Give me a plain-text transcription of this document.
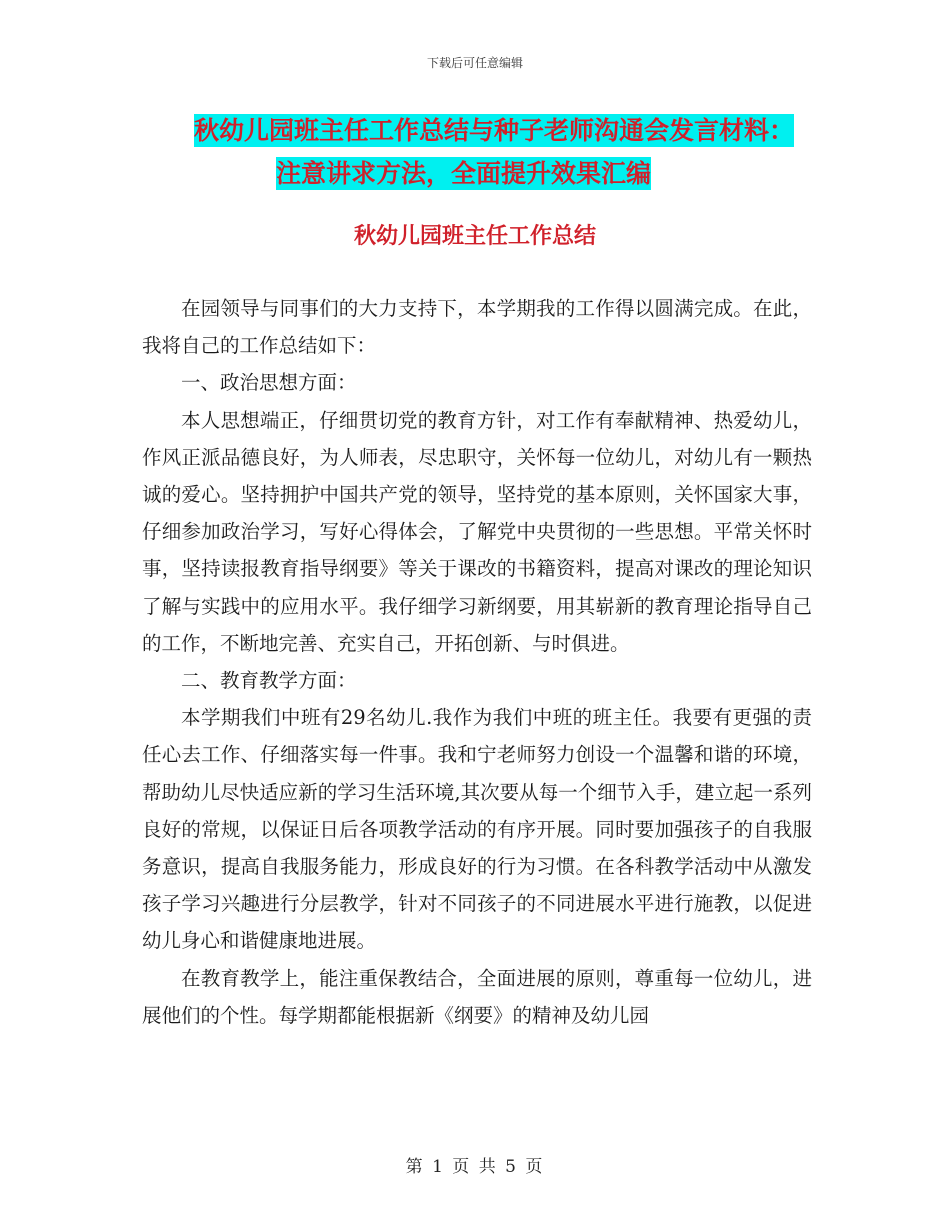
下载后可任意编辑
秋幼儿园班主任工作总结与种子老师沟通会发言材料：
注意讲求方法，全面提升效果汇编
秋幼儿园班主任工作总结

在园领导与同事们的大力支持下，本学期我的工作得以圆满完成。在此，我将自己的工作总结如下：

一、政治思想方面：

本人思想端正，仔细贯切党的教育方针，对工作有奉献精神、热爱幼儿，作风正派品德良好，为人师表，尽忠职守，关怀每一位幼儿，对幼儿有一颗热诚的爱心。坚持拥护中国共产党的领导，坚持党的基本原则，关怀国家大事，仔细参加政治学习，写好心得体会，了解党中央贯彻的一些思想。平常关怀时事，坚持读报教育指导纲要》等关于课改的书籍资料，提高对课改的理论知识了解与实践中的应用水平。我仔细学习新纲要，用其崭新的教育理论指导自己的工作，不断地完善、充实自己，开拓创新、与时俱进。

二、教育教学方面：

本学期我们中班有29名幼儿.我作为我们中班的班主任。我要有更强的责任心去工作、仔细落实每一件事。我和宁老师努力创设一个温馨和谐的环境，帮助幼儿尽快适应新的学习生活环境,其次要从每一个细节入手，建立起一系列良好的常规，以保证日后各项教学活动的有序开展。同时要加强孩子的自我服务意识，提高自我服务能力，形成良好的行为习惯。在各科教学活动中从激发孩子学习兴趣进行分层教学，针对不同孩子的不同进展水平进行施教，以促进幼儿身心和谐健康地进展。

在教育教学上，能注重保教结合，全面进展的原则，尊重每一位幼儿，进展他们的个性。每学期都能根据新《纲要》的精神及幼儿园

第 1 页 共 5 页
